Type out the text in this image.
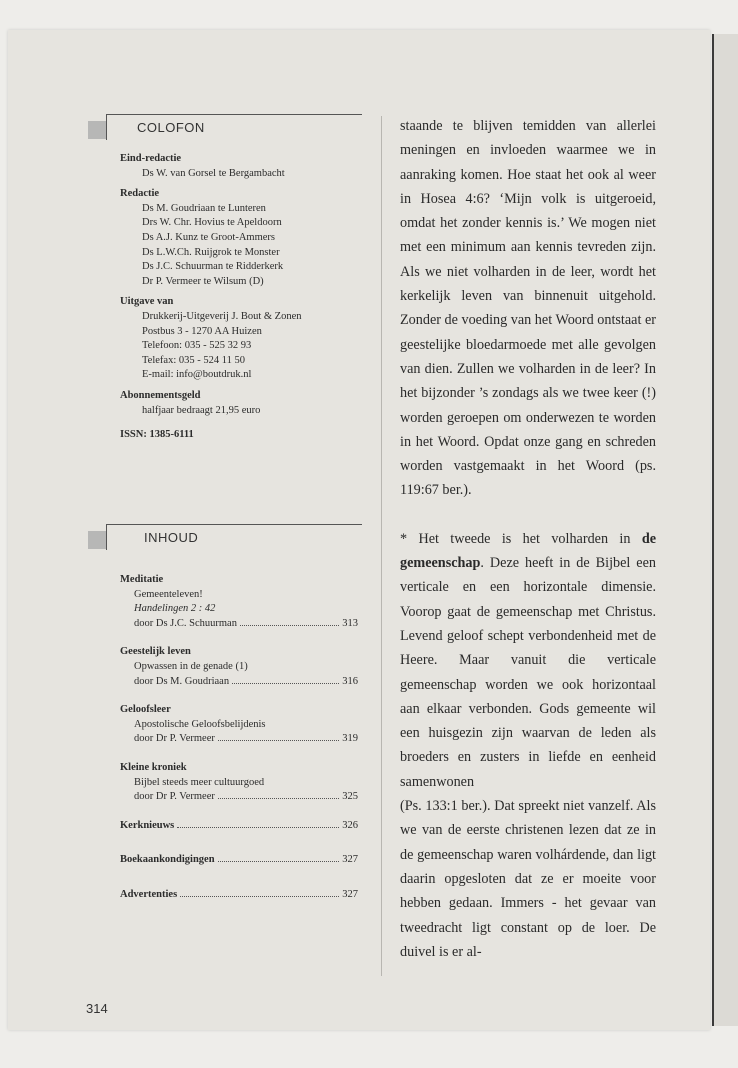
COLOFON
Eind-redactie
Ds W. van Gorsel te Bergambacht
Redactie
Ds M. Goudriaan te Lunteren
Drs W. Chr. Hovius te Apeldoorn
Ds A.J. Kunz te Groot-Ammers
Ds L.W.Ch. Ruijgrok te Monster
Ds J.C. Schuurman te Ridderkerk
Dr P. Vermeer te Wilsum (D)
Uitgave van
Drukkerij-Uitgeverij J. Bout & Zonen
Postbus 3 - 1270 AA Huizen
Telefoon: 035 - 525 32 93
Telefax: 035 - 524 11 50
E-mail: info@boutdruk.nl
Abonnementsgeld
halfjaar bedraagt 21,95 euro
ISSN: 1385-6111
INHOUD
Meditatie
Gemeenteleven!
Handelingen 2 : 42
door Ds J.C. Schuurman	313
Geestelijk leven
Opwassen in de genade (1)
door Ds M. Goudriaan	316
Geloofsleer
Apostolische Geloofsbelijdenis
door Dr P. Vermeer	319
Kleine kroniek
Bijbel steeds meer cultuurgoed
door Dr P. Vermeer	325
Kerknieuws	326
Boekaankondigingen	327
Advertenties	327

staande te blijven temidden van allerlei meningen en invloeden waarmee we in aanraking komen. Hoe staat het ook al weer in Hosea 4:6? ‘Mijn volk is uitgeroeid, omdat het zonder kennis is.’ We mogen niet met een minimum aan kennis tevreden zijn. Als we niet volharden in de leer, wordt het kerkelijk leven van binnenuit uitgehold. Zonder de voeding van het Woord ontstaat er geestelijke bloedarmoede met alle gevolgen van dien. Zullen we volharden in de leer? In het bijzonder ’s zondags als we twee keer (!) worden geroepen om onderwezen te worden in het Woord. Opdat onze gang en schreden worden vastgemaakt in het Woord (ps. 119:67 ber.).

* Het tweede is het volharden in de gemeenschap. Deze heeft in de Bijbel een verticale en een horizontale dimensie. Voorop gaat de gemeenschap met Christus. Levend geloof schept verbondenheid met de Heere. Maar vanuit die verticale gemeenschap worden we ook horizontaal aan elkaar verbonden. Gods gemeente wil een huisgezin zijn waarvan de leden als broeders en zusters in liefde en eenheid samenwonen

(Ps. 133:1 ber.). Dat spreekt niet vanzelf. Als we van de eerste christenen lezen dat ze in de gemeenschap waren volhárdende, dan ligt daarin opgesloten dat ze er moeite voor hebben gedaan. Immers - het gevaar van tweedracht ligt constant op de loer. De duivel is er al-

314
